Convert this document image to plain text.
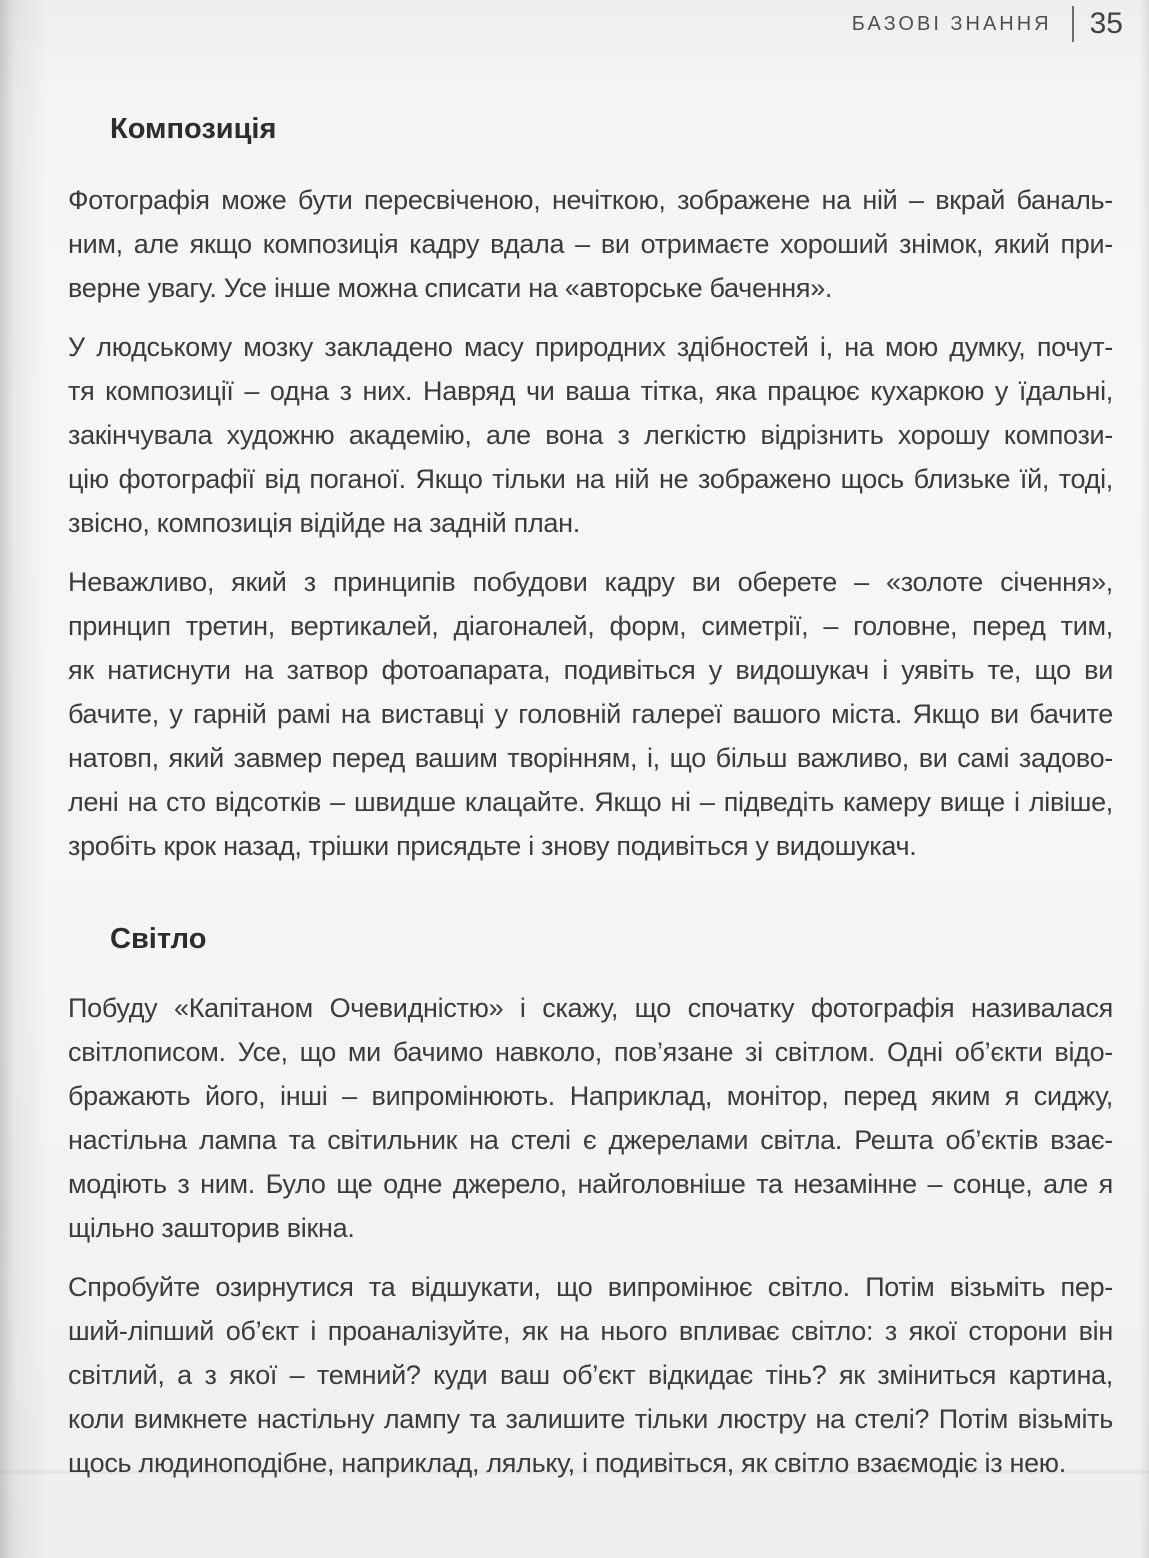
БАЗОВІ ЗНАННЯ 35
Композиція
Фотографія може бути пересвіченою, нечіткою, зображене на ній – вкрай баналь-
ним, але якщо композиція кадру вдала – ви отримаєте хороший знімок, який при-
верне увагу. Усе інше можна списати на «авторське бачення».
У людському мозку закладено масу природних здібностей і, на мою думку, почут-
тя композиції – одна з них. Навряд чи ваша тітка, яка працює кухаркою у їдальні,
закінчувала художню академію, але вона з легкістю відрізнить хорошу компози-
цію фотографії від поганої. Якщо тільки на ній не зображено щось близьке їй, тоді,
звісно, композиція відійде на задній план.
Неважливо, який з принципів побудови кадру ви оберете – «золоте січення»,
принцип третин, вертикалей, діагоналей, форм, симетрії, – головне, перед тим,
як натиснути на затвор фотоапарата, подивіться у видошукач і уявіть те, що ви
бачите, у гарній рамі на виставці у головній галереї вашого міста. Якщо ви бачите
натовп, який завмер перед вашим творінням, і, що більш важливо, ви самі задово-
лені на сто відсотків – швидше клацайте. Якщо ні – підведіть камеру вище і лівіше,
зробіть крок назад, трішки присядьте і знову подивіться у видошукач.
Світло
Побуду «Капітаном Очевидністю» і скажу, що спочатку фотографія називалася
світлописом. Усе, що ми бачимо навколо, пов’язане зі світлом. Одні об’єкти відо-
бражають його, інші – випромінюють. Наприклад, монітор, перед яким я сиджу,
настільна лампа та світильник на стелі є джерелами світла. Решта об’єктів взає-
модіють з ним. Було ще одне джерело, найголовніше та незамінне – сонце, але я
щільно зашторив вікна.
Спробуйте озирнутися та відшукати, що випромінює світло. Потім візьміть пер-
ший-ліпший об’єкт і проаналізуйте, як на нього впливає світло: з якої сторони він
світлий, а з якої – темний? куди ваш об’єкт відкидає тінь? як зміниться картина,
коли вимкнете настільну лампу та залишите тільки люстру на стелі? Потім візьміть
щось людиноподібне, наприклад, ляльку, і подивіться, як світло взаємодіє із нею.
